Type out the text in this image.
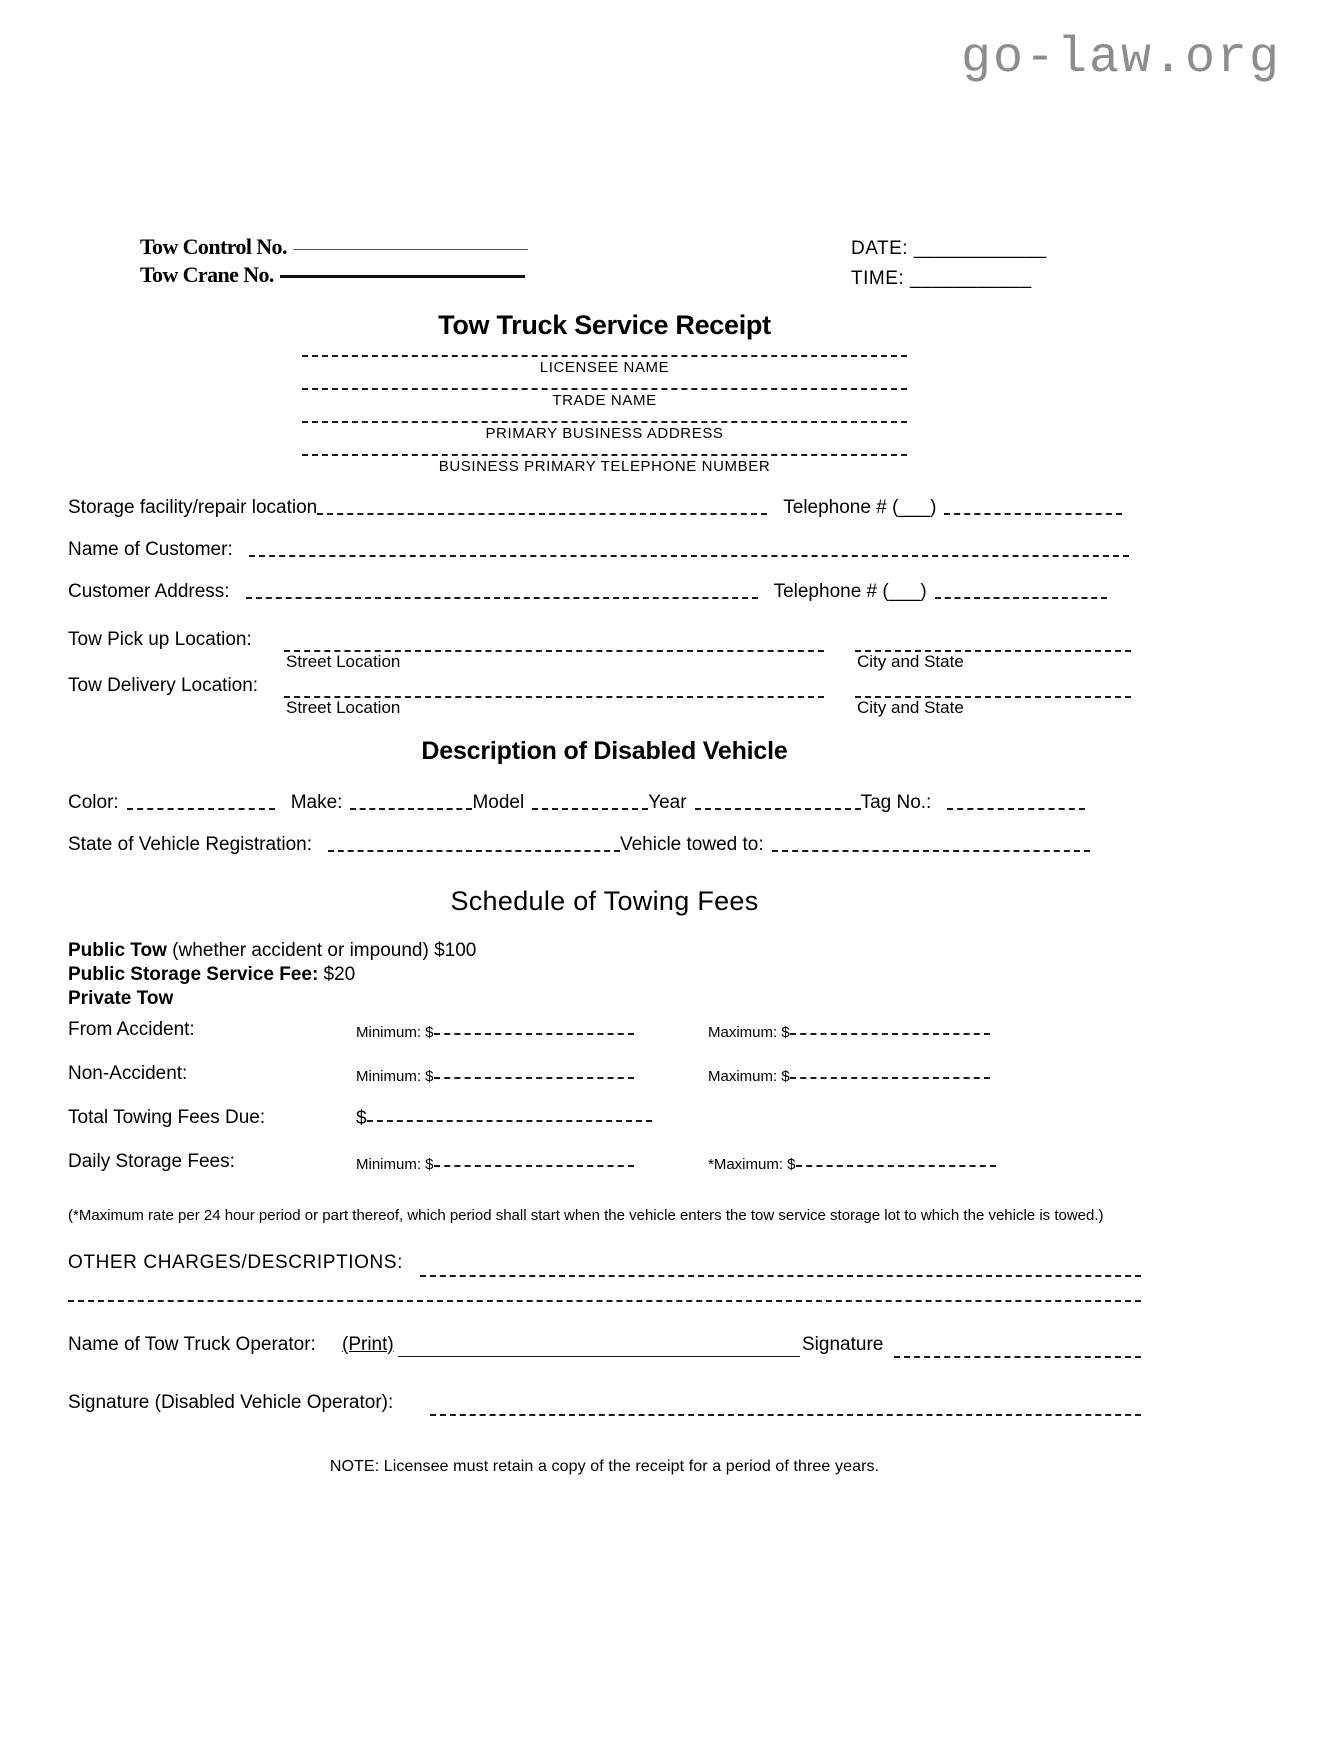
go-law.org
Tow Control No.
Tow Crane No.
DATE: ____________
TIME: ___________
Tow Truck Service Receipt
LICENSEE NAME
TRADE NAME
PRIMARY BUSINESS ADDRESS
BUSINESS PRIMARY TELEPHONE NUMBER
Storage facility/repair location	Telephone # (___)
Name of Customer:
Customer Address:	Telephone # (___)
Tow Pick up Location:
Street Location	City and State
Tow Delivery Location:
Street Location	City and State
Description of Disabled Vehicle
Color:	Make:	Model	Year	Tag No.:
State of Vehicle Registration:	Vehicle towed to:
Schedule of Towing Fees
Public Tow (whether accident or impound) $100
Public Storage Service Fee: $20
Private Tow
From Accident:	Minimum: $	Maximum: $
Non-Accident:	Minimum: $	Maximum: $
Total Towing Fees Due:	$
Daily Storage Fees:	Minimum: $	*Maximum: $
(*Maximum rate per 24 hour period or part thereof, which period shall start when the vehicle enters the tow service storage lot to which the vehicle is towed.)
OTHER CHARGES/DESCRIPTIONS:
Name of Tow Truck Operator: (Print)	Signature
Signature (Disabled Vehicle Operator):
NOTE: Licensee must retain a copy of the receipt for a period of three years.
